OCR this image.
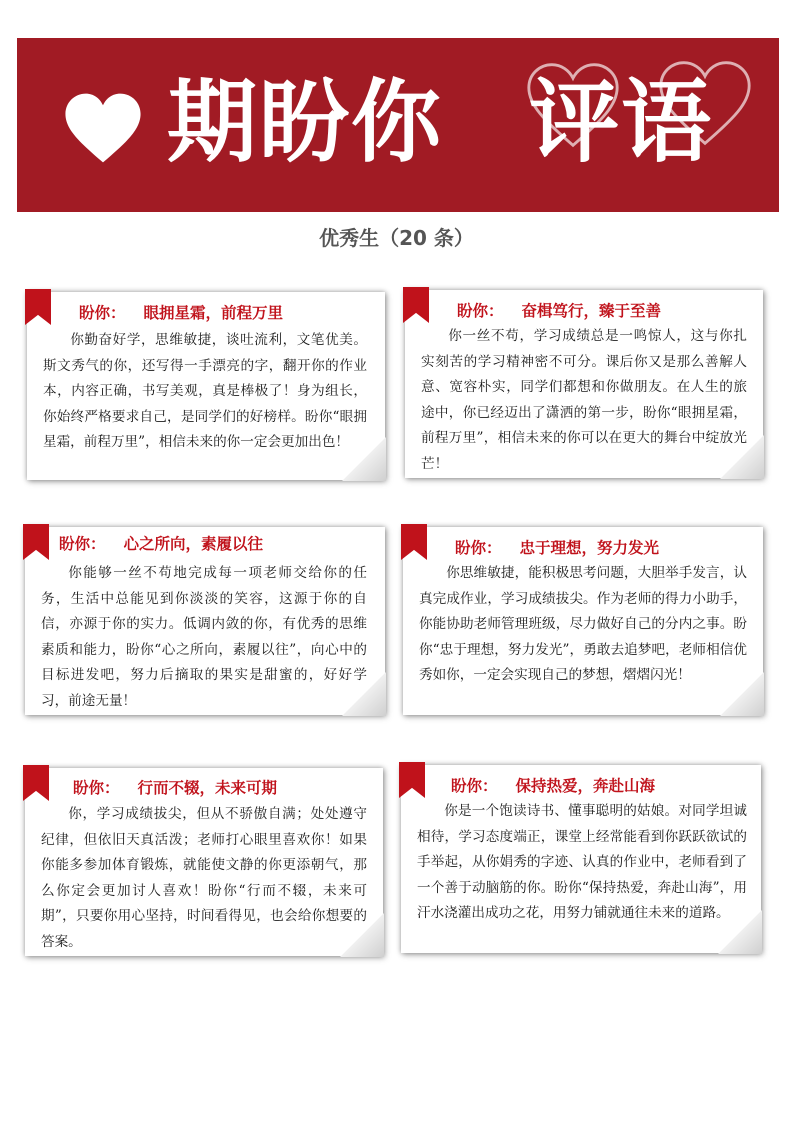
期盼你 评语
优秀生（20 条）
盼你： 眼拥星霜，前程万里
你勤奋好学，思维敏捷，谈吐流利，文笔优美。斯文秀气的你，还写得一手漂亮的字，翻开你的作业本，内容正确，书写美观，真是棒极了！身为组长，你始终严格要求自己，是同学们的好榜样。盼你“眼拥星霜，前程万里”，相信未来的你一定会更加出色！
盼你： 奋楫笃行，臻于至善
你一丝不苟，学习成绩总是一鸣惊人，这与你扎实刻苦的学习精神密不可分。课后你又是那么善解人意、宽容朴实，同学们都想和你做朋友。在人生的旅途中，你已经迈出了潇洒的第一步，盼你“眼拥星霜，前程万里”，相信未来的你可以在更大的舞台中绽放光芒！
盼你： 心之所向，素履以往
你能够一丝不苟地完成每一项老师交给你的任务，生活中总能见到你淡淡的笑容，这源于你的自信，亦源于你的实力。低调内敛的你，有优秀的思维素质和能力，盼你“心之所向，素履以往”，向心中的目标进发吧，努力后摘取的果实是甜蜜的，好好学习，前途无量！
盼你： 忠于理想，努力发光
你思维敏捷，能积极思考问题，大胆举手发言，认真完成作业，学习成绩拔尖。作为老师的得力小助手，你能协助老师管理班级，尽力做好自己的分内之事。盼你“忠于理想，努力发光”，勇敢去追梦吧，老师相信优秀如你，一定会实现自己的梦想，熠熠闪光！
盼你： 行而不辍，未来可期
你，学习成绩拔尖，但从不骄傲自满；处处遵守纪律，但依旧天真活泼；老师打心眼里喜欢你！如果你能多参加体育锻炼，就能使文静的你更添朝气，那么你定会更加讨人喜欢！盼你“行而不辍，未来可期”，只要你用心坚持，时间看得见，也会给你想要的答案。
盼你： 保持热爱，奔赴山海
你是一个饱读诗书、懂事聪明的姑娘。对同学坦诚相待，学习态度端正，课堂上经常能看到你跃跃欲试的手举起，从你娟秀的字迹、认真的作业中，老师看到了一个善于动脑筋的你。盼你“保持热爱，奔赴山海”，用汗水浇灌出成功之花，用努力铺就通往未来的道路。
